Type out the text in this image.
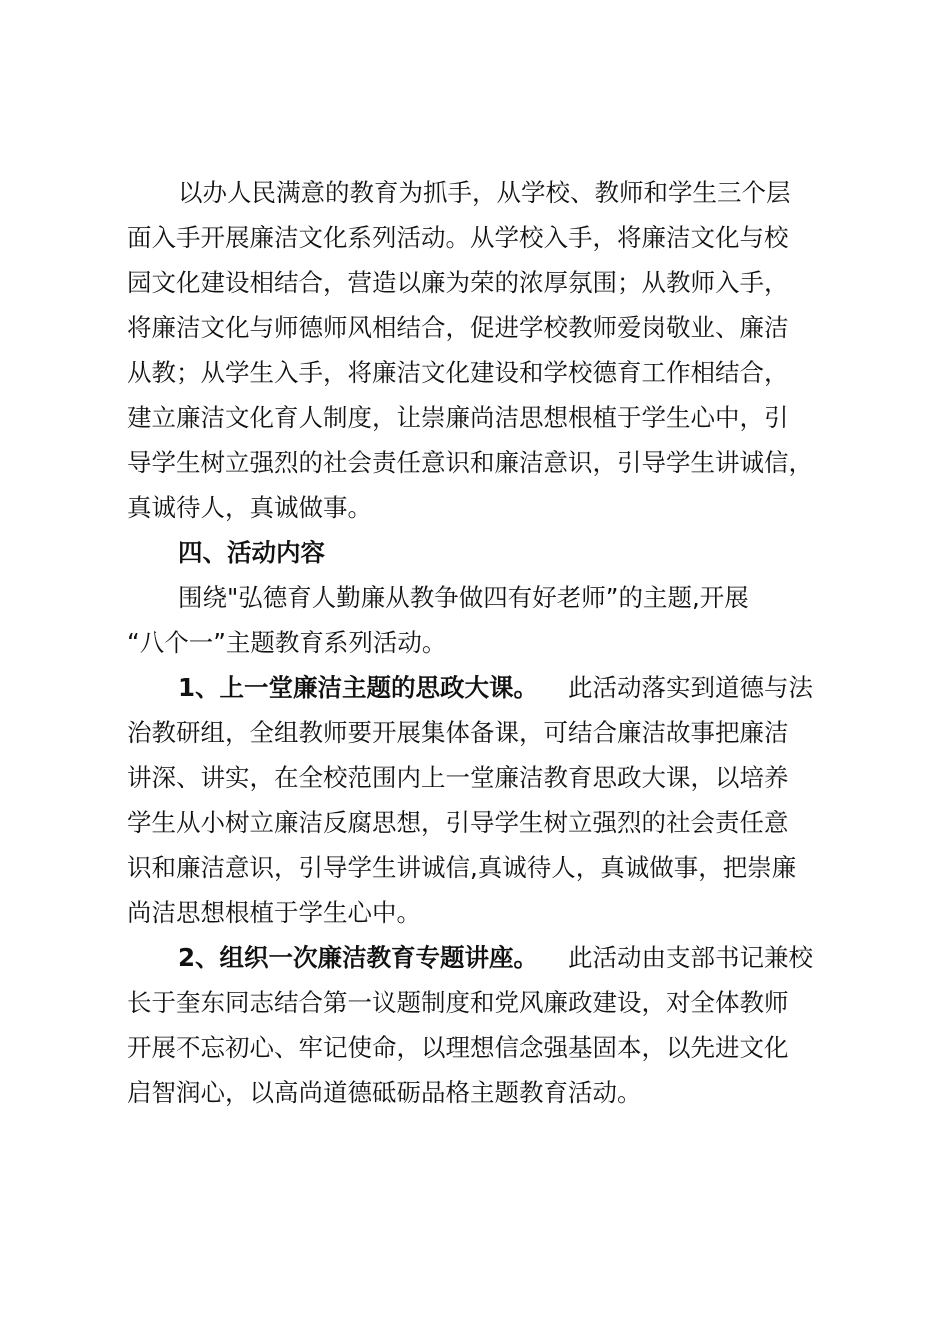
以办人民满意的教育为抓手，从学校、教师和学生三个层
面入手开展廉洁文化系列活动。从学校入手，将廉洁文化与校
园文化建设相结合，营造以廉为荣的浓厚氛围；从教师入手，
将廉洁文化与师德师风相结合，促进学校教师爱岗敬业、廉洁
从教；从学生入手，将廉洁文化建设和学校德育工作相结合，
建立廉洁文化育人制度，让崇廉尚洁思想根植于学生心中，引
导学生树立强烈的社会责任意识和廉洁意识，引导学生讲诚信，
真诚待人，真诚做事。
四、活动内容
围绕"弘德育人勤廉从教争做四有好老师”的主题,开展
“八个一”主题教育系列活动。
1、上一堂廉洁主题的思政大课。 此活动落实到道德与法
治教研组，全组教师要开展集体备课，可结合廉洁故事把廉洁
讲深、讲实，在全校范围内上一堂廉洁教育思政大课，以培养
学生从小树立廉洁反腐思想，引导学生树立强烈的社会责任意
识和廉洁意识，引导学生讲诚信,真诚待人，真诚做事，把崇廉
尚洁思想根植于学生心中。
2、组织一次廉洁教育专题讲座。 此活动由支部书记兼校
长于奎东同志结合第一议题制度和党风廉政建设，对全体教师
开展不忘初心、牢记使命，以理想信念强基固本，以先进文化
启智润心，以高尚道德砥砺品格主题教育活动。
